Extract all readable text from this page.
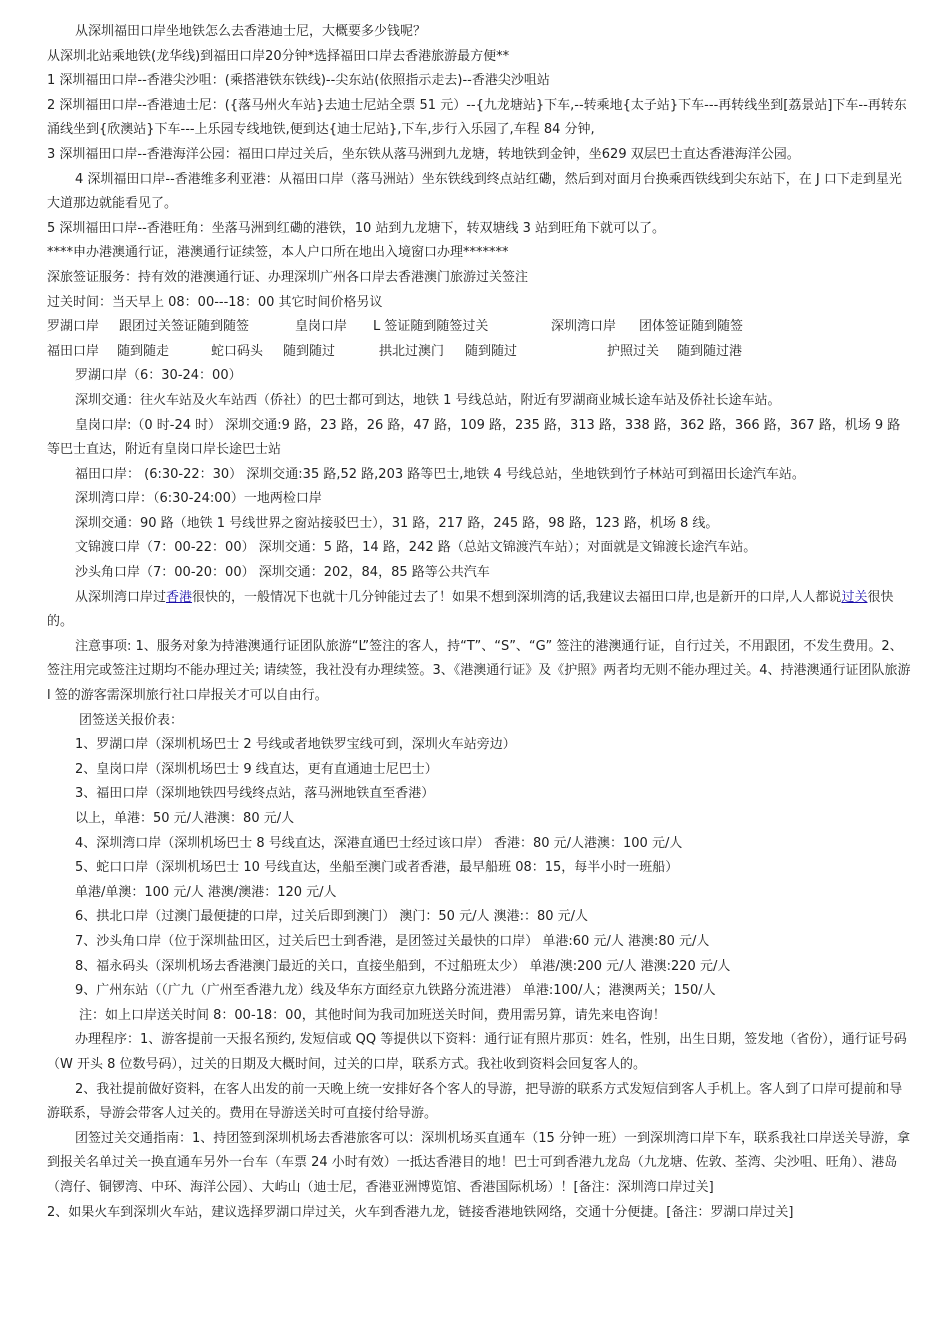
从深圳福田口岸坐地铁怎么去香港迪士尼，大概要多少钱呢？

从深圳北站乘地铁(龙华线)到福田口岸20分钟*选择福田口岸去香港旅游最方便**

1 深圳福田口岸--香港尖沙咀：(乘搭港铁东铁线)--尖东站(依照指示走去)--香港尖沙咀站

2 深圳福田口岸--香港迪士尼：({落马州火车站}去迪士尼站全票 51 元）--{九龙塘站}下车,--转乘地{太子站}下车---再转线坐到[荔景站]下车--再转东涌线坐到{欣澳站}下车---上乐园专线地铁,便到达{迪士尼站},下车,步行入乐园了,车程 84 分钟,

3 深圳福田口岸--香港海洋公园：福田口岸过关后，坐东铁从落马洲到九龙塘，转地铁到金钟，坐629 双层巴士直达香港海洋公园。

4 深圳福田口岸--香港维多利亚港：从福田口岸（落马洲站）坐东铁线到终点站红磡，然后到对面月台换乘西铁线到尖东站下，在 J 口下走到星光大道那边就能看见了。

5 深圳福田口岸--香港旺角：坐落马洲到红磡的港铁，10 站到九龙塘下，转双塘线 3 站到旺角下就可以了。

****申办港澳通行证，港澳通行证续签，本人户口所在地出入境窗口办理*******

深旅签证服务：持有效的港澳通行证、办理深圳广州各口岸去香港澳门旅游过关签注

过关时间：当天早上 08：00---18：00 其它时间价格另议

罗湖口岸	跟团过关签证随到随签	皇岗口岸	L 签证随到随签过关	深圳湾口岸	团体签证随到随签
福田口岸	随到随走	蛇口码头	随到随过	拱北过澳门	随到随过	护照过关	随到随过港

罗湖口岸（6：30-24：00）

深圳交通：往火车站及火车站西（侨社）的巴士都可到达，地铁 1 号线总站，附近有罗湖商业城长途车站及侨社长途车站。

皇岗口岸:（0 时-24 时） 深圳交通:9 路，23 路，26 路，47 路，109 路，235 路，313 路，338 路，362 路，366 路，367 路，机场 9 路等巴士直达，附近有皇岗口岸长途巴士站

福田口岸： (6:30-22：30） 深圳交通:35 路,52 路,203 路等巴士,地铁 4 号线总站，坐地铁到竹子林站可到福田长途汽车站。

深圳湾口岸：（6:30-24:00）一地两检口岸

深圳交通：90 路（地铁 1 号线世界之窗站接驳巴士），31 路，217 路，245 路，98 路，123 路，机场 8 线。

文锦渡口岸（7：00-22：00） 深圳交通：5 路，14 路，242 路（总站文锦渡汽车站）；对面就是文锦渡长途汽车站。

沙头角口岸（7：00-20：00） 深圳交通：202，84，85 路等公共汽车

从深圳湾口岸过香港很快的，一般情况下也就十几分钟能过去了！如果不想到深圳湾的话,我建议去福田口岸,也是新开的口岸,人人都说过关很快的。

注意事项: 1、服务对象为持港澳通行证团队旅游“L”签注的客人，持“T”、“S”、“G” 签注的港澳通行证，自行过关，不用跟团，不发生费用。2、签注用完或签注过期均不能办理过关; 请续签，我社没有办理续签。3、《港澳通行证》及《护照》两者均无则不能办理过关。4、持港澳通行证团队旅游 l 签的游客需深圳旅行社口岸报关才可以自由行。

团签送关报价表：

1、罗湖口岸（深圳机场巴士 2 号线或者地铁罗宝线可到，深圳火车站旁边）

2、皇岗口岸（深圳机场巴士 9 线直达，更有直通迪士尼巴士）

3、福田口岸（深圳地铁四号线终点站，落马洲地铁直至香港）

以上，单港：50 元/人港澳：80 元/人

4、深圳湾口岸（深圳机场巴士 8 号线直达，深港直通巴士经过该口岸） 香港：80 元/人港澳：100 元/人

5、蛇口口岸（深圳机场巴士 10 号线直达，坐船至澳门或者香港，最早船班 08：15，每半小时一班船）

单港/单澳：100 元/人 港澳/澳港：120 元/人

6、拱北口岸（过澳门最便捷的口岸，过关后即到澳门） 澳门：50 元/人 澳港:：80 元/人

7、沙头角口岸（位于深圳盐田区，过关后巴士到香港，是团签过关最快的口岸） 单港:60 元/人 港澳:80 元/人

8、福永码头（深圳机场去香港澳门最近的关口，直接坐船到，不过船班太少） 单港/澳:200 元/人 港澳:220 元/人

9、广州东站（（广九（广州至香港九龙）线及华东方面经京九铁路分流进港） 单港:100/人；港澳两关；150/人

注：如上口岸送关时间 8：00-18：00，其他时间为我司加班送关时间，费用需另算，请先来电咨询！

办理程序：1、游客提前一天报名预约, 发短信或 QQ 等提供以下资料：通行证有照片那页：姓名，性别，出生日期，签发地（省份），通行证号码（W 开头 8 位数号码），过关的日期及大概时间，过关的口岸，联系方式。我社收到资料会回复客人的。

2、我社提前做好资料，在客人出发的前一天晚上统一安排好各个客人的导游，把导游的联系方式发短信到客人手机上。客人到了口岸可提前和导游联系，导游会带客人过关的。费用在导游送关时可直接付给导游。

团签过关交通指南：1、持团签到深圳机场去香港旅客可以：深圳机场买直通车（15 分钟一班）一到深圳湾口岸下车，联系我社口岸送关导游，拿到报关名单过关一换直通车另外一台车（车票 24 小时有效）一抵达香港目的地！巴士可到香港九龙岛（九龙塘、佐敦、荃湾、尖沙咀、旺角）、港岛（湾仔、铜锣湾、中环、海洋公园）、大屿山（迪士尼，香港亚洲博览馆、香港国际机场）！[备注：深圳湾口岸过关]

2、如果火车到深圳火车站，建议选择罗湖口岸过关，火车到香港九龙，链接香港地铁网络，交通十分便捷。[备注：罗湖口岸过关]
